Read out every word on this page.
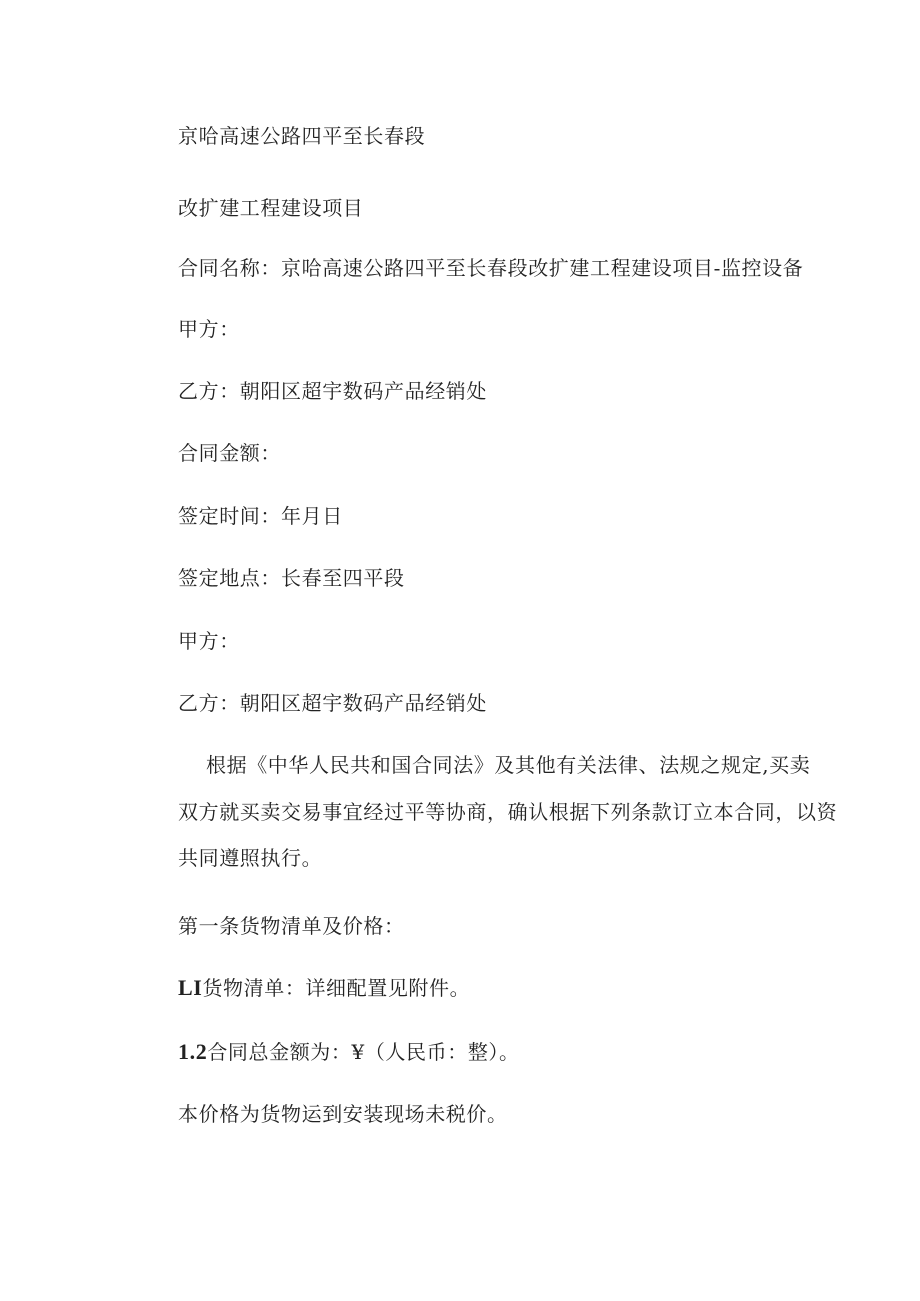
京哈高速公路四平至长春段
改扩建工程建设项目
合同名称：京哈高速公路四平至长春段改扩建工程建设项目-监控设备
甲方：
乙方：朝阳区超宇数码产品经销处
合同金额：
签定时间：年月日
签定地点：长春至四平段
甲方：
乙方：朝阳区超宇数码产品经销处
根据《中华人民共和国合同法》及其他有关法律、法规之规定,买卖
双方就买卖交易事宜经过平等协商，确认根据下列条款订立本合同，以资
共同遵照执行。
第一条货物清单及价格：
LI货物清单：详细配置见附件。
1.2合同总金额为：¥（人民币：整）。
本价格为货物运到安装现场未税价。
